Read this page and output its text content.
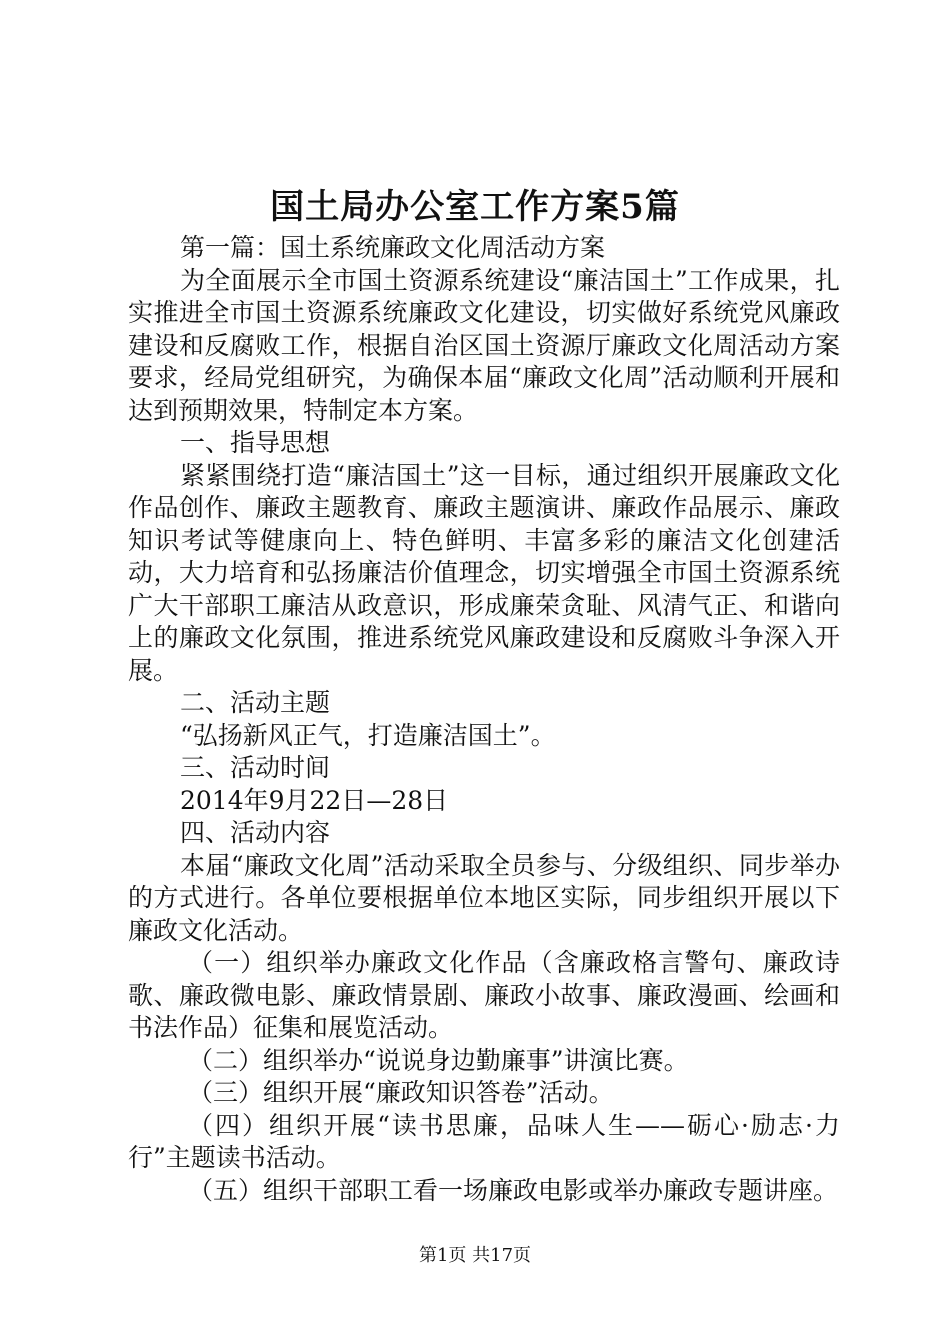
国土局办公室工作方案5篇

第一篇：国土系统廉政文化周活动方案

为全面展示全市国土资源系统建设“廉洁国土”工作成果，扎实推进全市国土资源系统廉政文化建设，切实做好系统党风廉政建设和反腐败工作，根据自治区国土资源厅廉政文化周活动方案要求，经局党组研究，为确保本届“廉政文化周”活动顺利开展和达到预期效果，特制定本方案。

一、指导思想

紧紧围绕打造“廉洁国土”这一目标，通过组织开展廉政文化作品创作、廉政主题教育、廉政主题演讲、廉政作品展示、廉政知识考试等健康向上、特色鲜明、丰富多彩的廉洁文化创建活动，大力培育和弘扬廉洁价值理念，切实增强全市国土资源系统广大干部职工廉洁从政意识，形成廉荣贪耻、风清气正、和谐向上的廉政文化氛围，推进系统党风廉政建设和反腐败斗争深入开展。

二、活动主题

“弘扬新风正气，打造廉洁国土”。

三、活动时间

2014年9月22日—28日

四、活动内容

本届“廉政文化周”活动采取全员参与、分级组织、同步举办的方式进行。各单位要根据单位本地区实际，同步组织开展以下廉政文化活动。

（一）组织举办廉政文化作品（含廉政格言警句、廉政诗歌、廉政微电影、廉政情景剧、廉政小故事、廉政漫画、绘画和书法作品）征集和展览活动。

（二）组织举办“说说身边勤廉事”讲演比赛。

（三）组织开展“廉政知识答卷”活动。

（四）组织开展“读书思廉，品味人生——砺心·励志·力行”主题读书活动。

（五）组织干部职工看一场廉政电影或举办廉政专题讲座。

第1页 共17页
